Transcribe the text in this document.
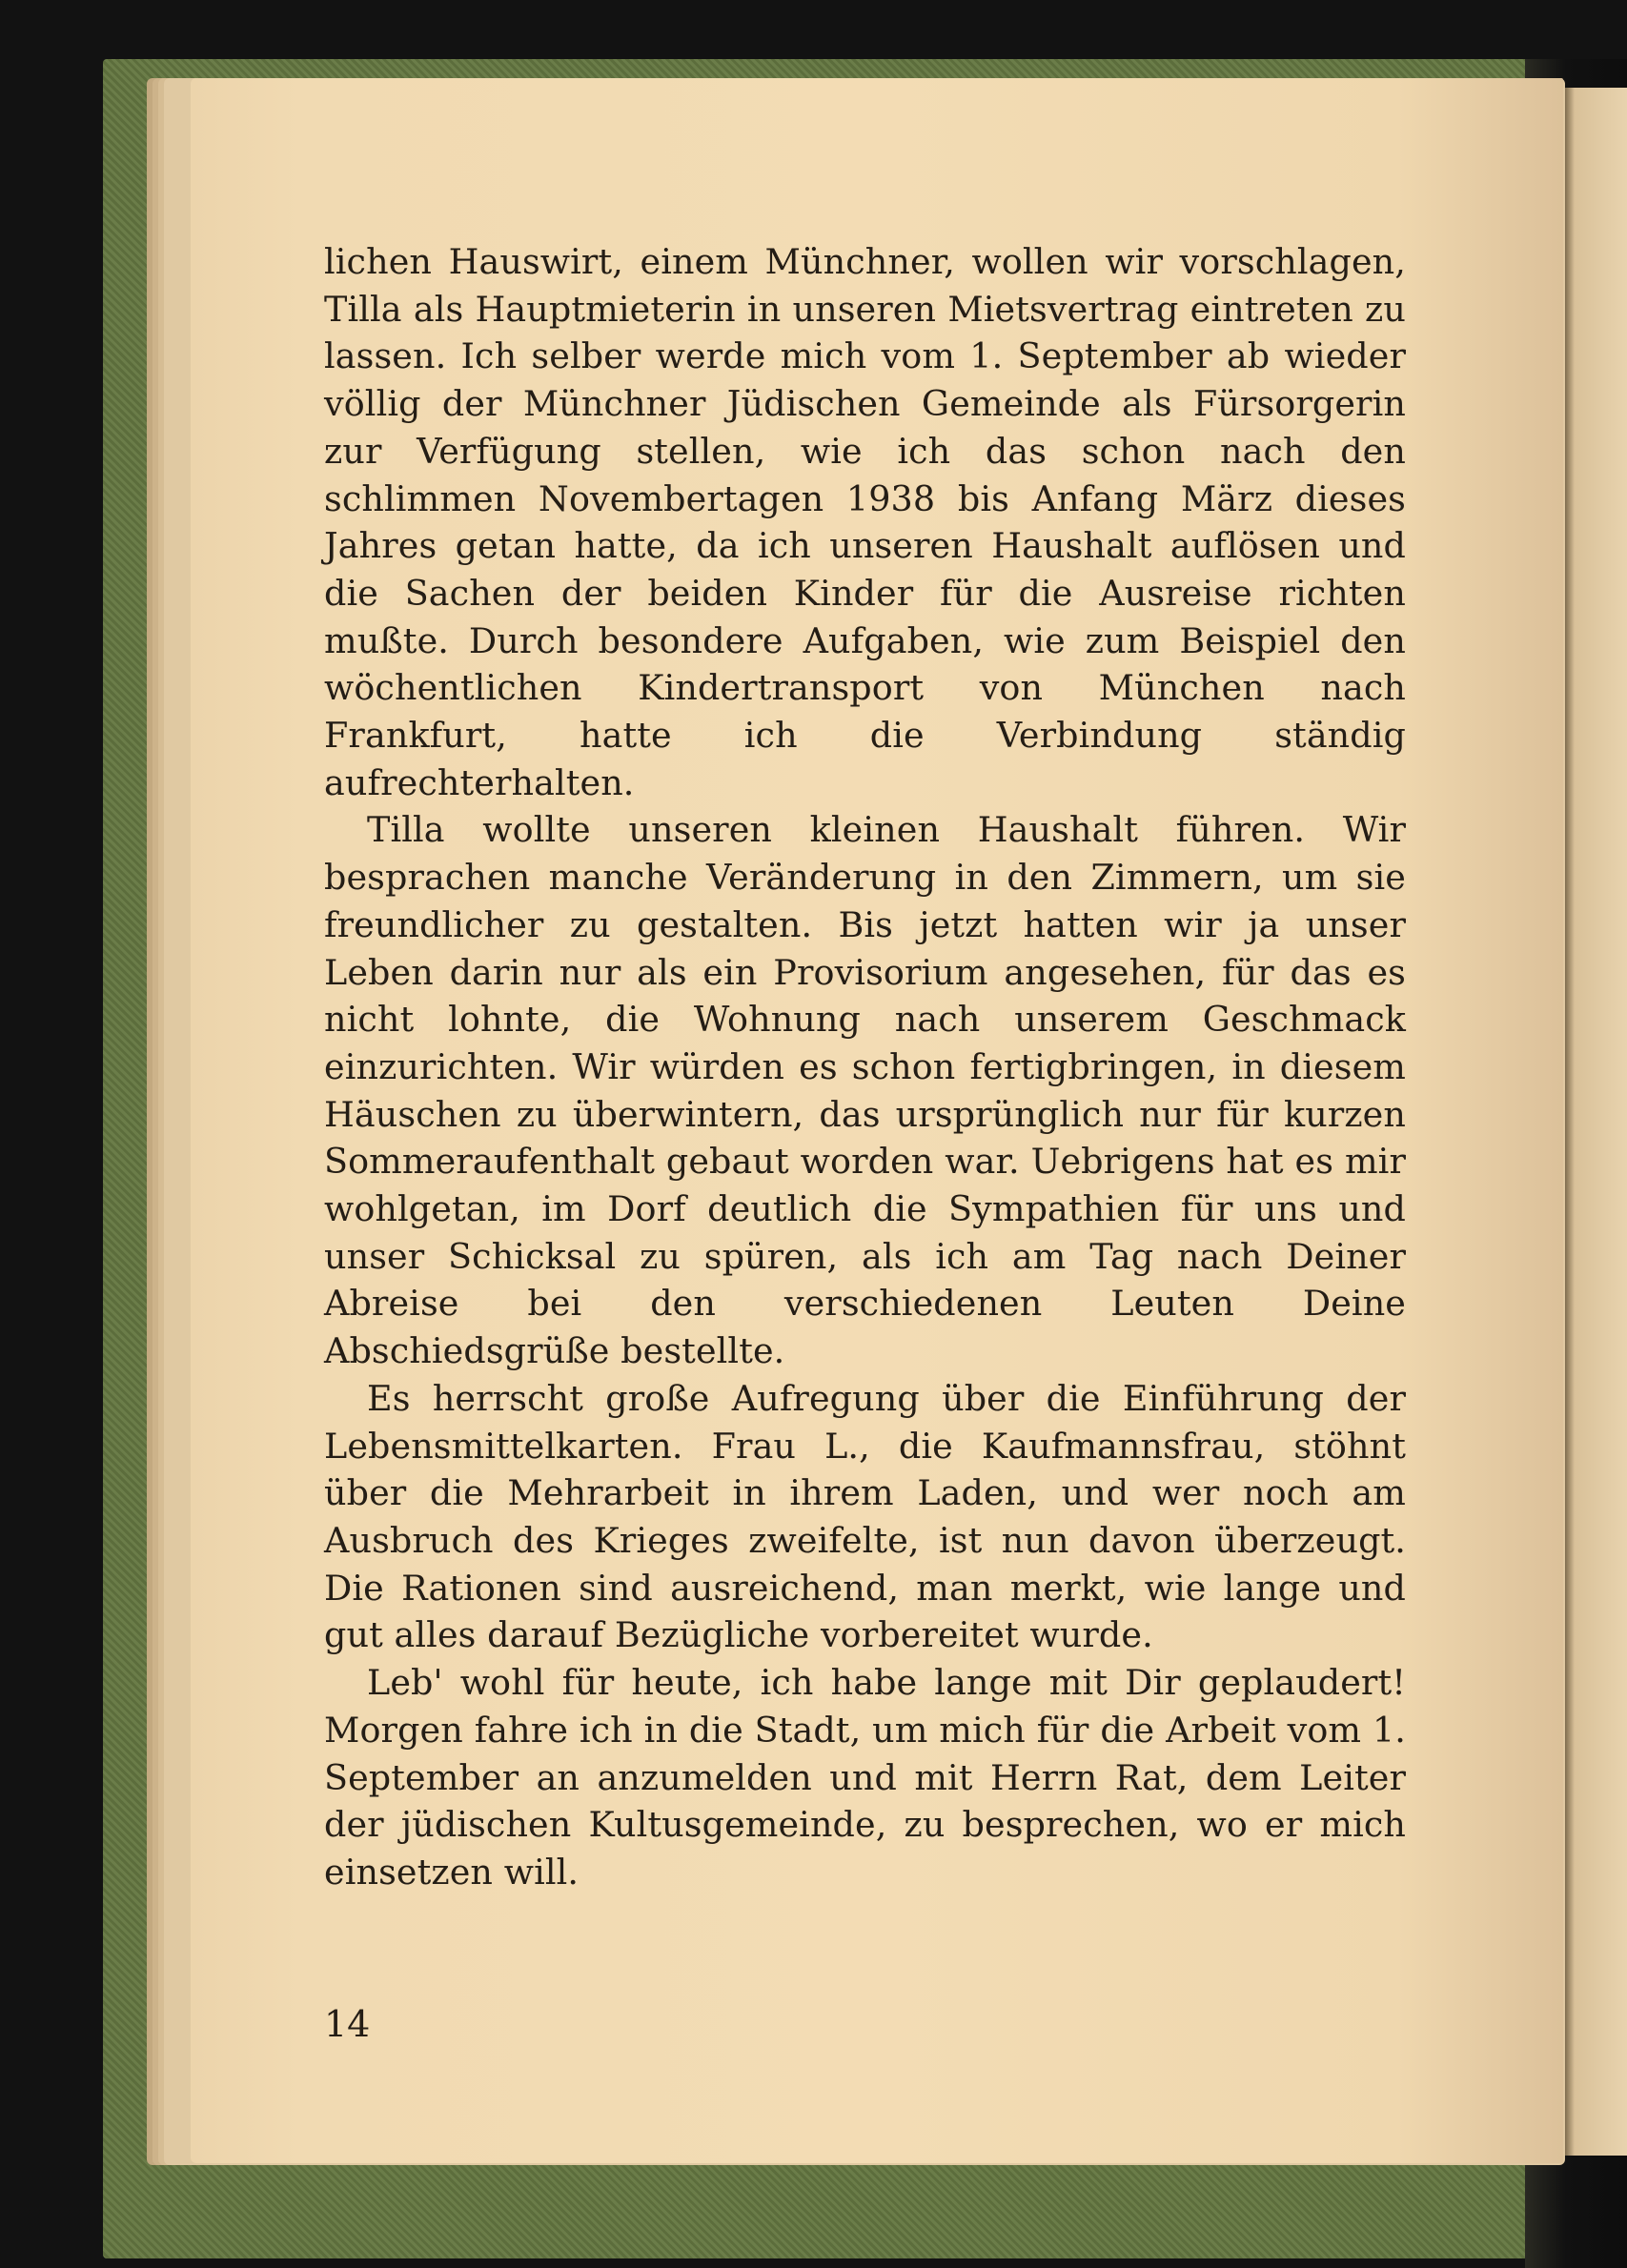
lichen Hauswirt, einem Münchner, wollen wir vorschlagen, Tilla als Hauptmieterin in unseren Mietsvertrag eintreten zu lassen. Ich selber werde mich vom 1. September ab wieder völlig der Münchner Jüdischen Gemeinde als Fürsorgerin zur Verfügung stellen, wie ich das schon nach den schlimmen Novembertagen 1938 bis Anfang März dieses Jahres getan hatte, da ich unseren Haushalt auflösen und die Sachen der beiden Kinder für die Ausreise richten mußte. Durch besondere Aufgaben, wie zum Beispiel den wöchentlichen Kindertransport von München nach Frankfurt, hatte ich die Verbindung ständig aufrechterhalten.

Tilla wollte unseren kleinen Haushalt führen. Wir besprachen manche Veränderung in den Zimmern, um sie freundlicher zu gestalten. Bis jetzt hatten wir ja unser Leben darin nur als ein Provisorium angesehen, für das es nicht lohnte, die Wohnung nach unserem Geschmack einzurichten. Wir würden es schon fertigbringen, in diesem Häuschen zu überwintern, das ursprünglich nur für kurzen Sommeraufenthalt gebaut worden war. Uebrigens hat es mir wohlgetan, im Dorf deutlich die Sympathien für uns und unser Schicksal zu spüren, als ich am Tag nach Deiner Abreise bei den verschiedenen Leuten Deine Abschiedsgrüße bestellte.

Es herrscht große Aufregung über die Einführung der Lebensmittelkarten. Frau L., die Kaufmannsfrau, stöhnt über die Mehrarbeit in ihrem Laden, und wer noch am Ausbruch des Krieges zweifelte, ist nun davon überzeugt. Die Rationen sind ausreichend, man merkt, wie lange und gut alles darauf Bezügliche vorbereitet wurde.

Leb' wohl für heute, ich habe lange mit Dir geplaudert! Morgen fahre ich in die Stadt, um mich für die Arbeit vom 1. September an anzumelden und mit Herrn Rat, dem Leiter der jüdischen Kultusgemeinde, zu besprechen, wo er mich einsetzen will.

14
